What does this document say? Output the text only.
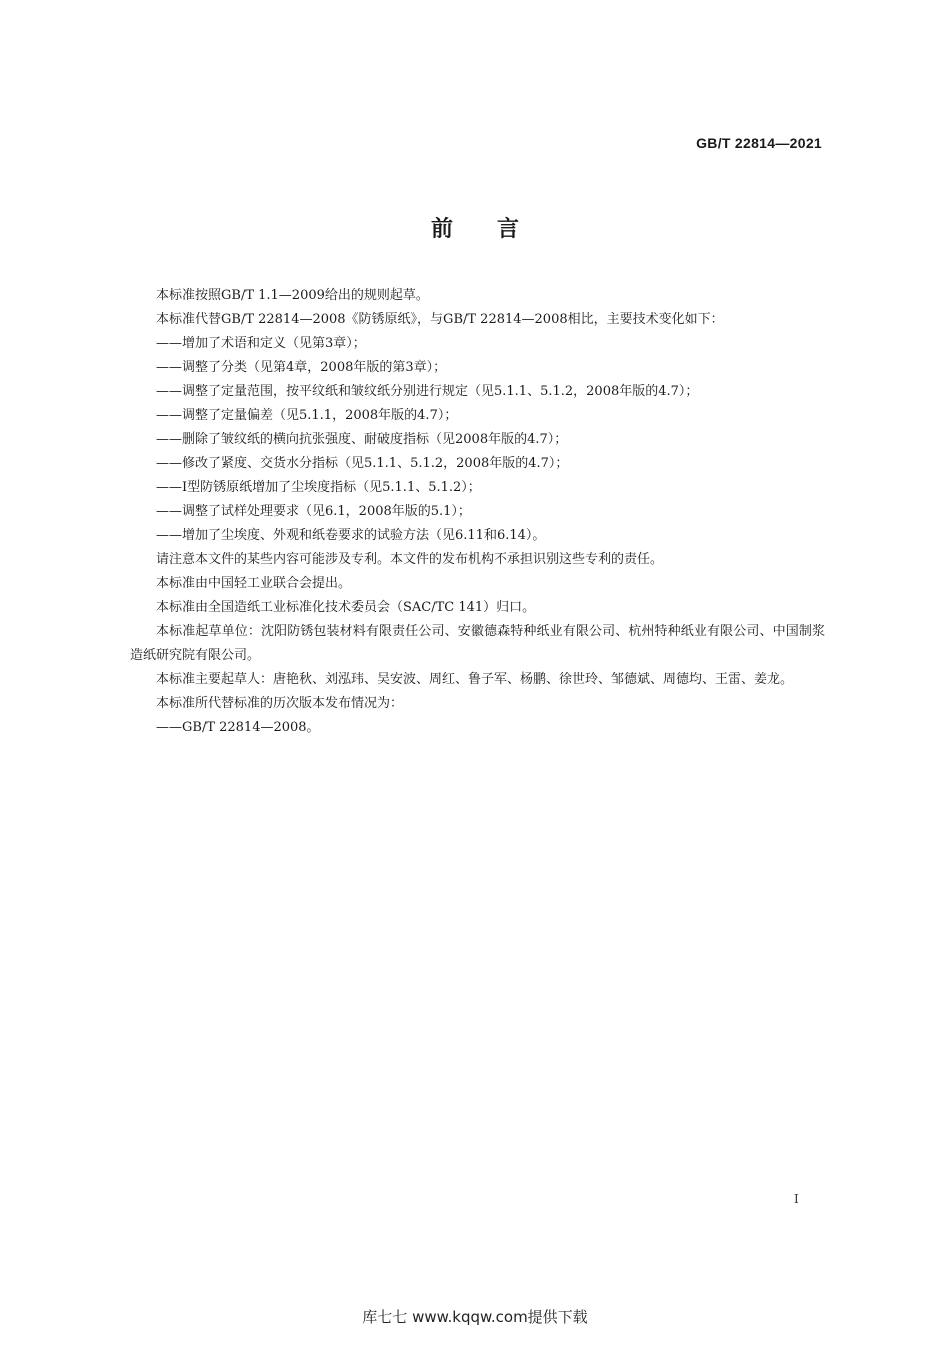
GB/T 22814—2021
前言

本标准按照GB/T 1.1—2009给出的规则起草。

本标准代替GB/T 22814—2008《防锈原纸》，与GB/T 22814—2008相比，主要技术变化如下：

——增加了术语和定义（见第3章）；

——调整了分类（见第4章，2008年版的第3章）；

——调整了定量范围，按平纹纸和皱纹纸分别进行规定（见5.1.1、5.1.2，2008年版的4.7）；

——调整了定量偏差（见5.1.1，2008年版的4.7）；

——删除了皱纹纸的横向抗张强度、耐破度指标（见2008年版的4.7）；

——修改了紧度、交货水分指标（见5.1.1、5.1.2，2008年版的4.7）；

——Ⅰ型防锈原纸增加了尘埃度指标（见5.1.1、5.1.2）；

——调整了试样处理要求（见6.1，2008年版的5.1）；

——增加了尘埃度、外观和纸卷要求的试验方法（见6.11和6.14）。

请注意本文件的某些内容可能涉及专利。本文件的发布机构不承担识别这些专利的责任。

本标准由中国轻工业联合会提出。

本标准由全国造纸工业标准化技术委员会（SAC/TC 141）归口。

本标准起草单位：沈阳防锈包装材料有限责任公司、安徽德森特种纸业有限公司、杭州特种纸业有限公司、中国制浆造纸研究院有限公司。

本标准主要起草人：唐艳秋、刘泓玮、吴安波、周红、鲁子军、杨鹏、徐世玲、邹德斌、周德均、王雷、姜龙。

本标准所代替标准的历次版本发布情况为：

——GB/T 22814—2008。

Ⅰ
库七七 www.kqqw.com提供下载
